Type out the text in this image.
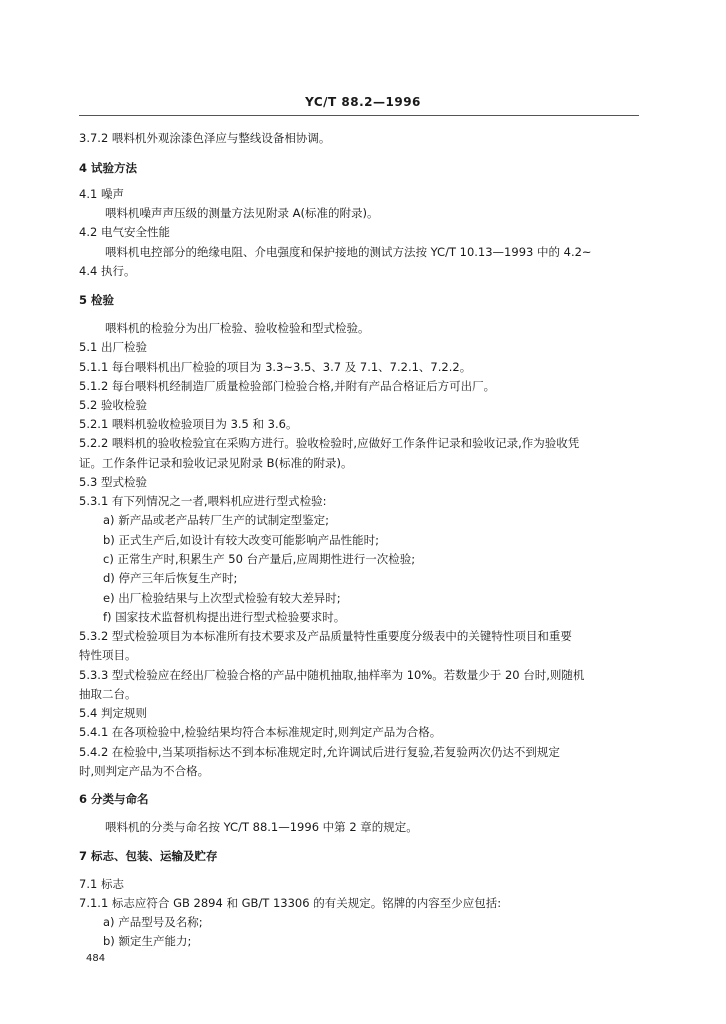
YC/T 88.2—1996
3.7.2 喂料机外观涂漆色泽应与整线设备相协调。
4 试验方法
4.1 噪声
喂料机噪声声压级的测量方法见附录 A(标准的附录)。
4.2 电气安全性能
喂料机电控部分的绝缘电阻、介电强度和保护接地的测试方法按 YC/T 10.13—1993 中的 4.2~
4.4 执行。
5 检验
喂料机的检验分为出厂检验、验收检验和型式检验。
5.1 出厂检验
5.1.1 每台喂料机出厂检验的项目为 3.3~3.5、3.7 及 7.1、7.2.1、7.2.2。
5.1.2 每台喂料机经制造厂质量检验部门检验合格,并附有产品合格证后方可出厂。
5.2 验收检验
5.2.1 喂料机验收检验项目为 3.5 和 3.6。
5.2.2 喂料机的验收检验宜在采购方进行。验收检验时,应做好工作条件记录和验收记录,作为验收凭
证。工作条件记录和验收记录见附录 B(标准的附录)。
5.3 型式检验
5.3.1 有下列情况之一者,喂料机应进行型式检验:
a) 新产品或老产品转厂生产的试制定型鉴定;
b) 正式生产后,如设计有较大改变可能影响产品性能时;
c) 正常生产时,积累生产 50 台产量后,应周期性进行一次检验;
d) 停产三年后恢复生产时;
e) 出厂检验结果与上次型式检验有较大差异时;
f) 国家技术监督机构提出进行型式检验要求时。
5.3.2 型式检验项目为本标准所有技术要求及产品质量特性重要度分级表中的关键特性项目和重要
特性项目。
5.3.3 型式检验应在经出厂检验合格的产品中随机抽取,抽样率为 10%。若数量少于 20 台时,则随机
抽取二台。
5.4 判定规则
5.4.1 在各项检验中,检验结果均符合本标准规定时,则判定产品为合格。
5.4.2 在检验中,当某项指标达不到本标准规定时,允许调试后进行复验,若复验两次仍达不到规定
时,则判定产品为不合格。
6 分类与命名
喂料机的分类与命名按 YC/T 88.1—1996 中第 2 章的规定。
7 标志、包装、运输及贮存
7.1 标志
7.1.1 标志应符合 GB 2894 和 GB/T 13306 的有关规定。铭牌的内容至少应包括:
a) 产品型号及名称;
b) 额定生产能力;
484
